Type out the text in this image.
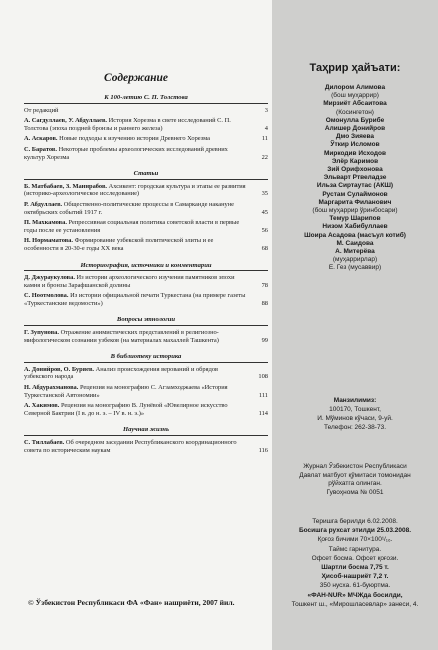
Содержание
К 100-летию С. П. Толстова
От редакций	3
А. Сагдуллаев, У. Абдуллаев. История Хорезма в свете исследований С. П. Толстова (эпоха поздней бронзы и раннего железа)	4
А. Аскаров. Новые подходы к изучению истории Древнего Хорезма	11
С. Баратов. Некоторые проблемы археологических исследований древних культур Хорезма	22
Статьи
Б. Матбабаев, З. Маннрабов. Ахсикент: городская культура и этапы ее развития (историко-археологическое исследование)	35
Р. Абдуллаев. Общественно-политические процессы в Самарканде накануне октябрьских событий 1917 г.	45
П. Махкамова. Репрессивная социальная политика советской власти в первые годы после ее установления	56
Н. Нормаматова. Формирование узбекской политической элиты и ее особенности в 20-30-е годы XX века	68
Историография, источники и комментарии
Д. Джураукулова. Из истории археологического изучения памятников эпохи камня и бронзы Зарафшанской долины	78
С. Ноотмолова. Из истории официальной печати Туркестана (на примере газеты «Туркестанские ведомости»)	88
Вопросы этнологии
Г. Зупунова. Отражение анимистических представлений в религиозно-мифологическом сознании узбеков (на материалах махаллей Ташкента)	99
В библиотеку историка
А. Донийров, О. Буряев. Анализ происхождения верований и обрядов узбекского народа	108
Н. Абдурахманова. Рецензия на монографию С. Агзамходжаева «История Туркестанской Автономии»	111
А. Хакимов. Рецензия на монографию В. Лунёвой «Ювелирное искусство Северной Бактрии (I в. до н. э. – IV в. н. э.)»	114
Научная жизнь
С. Тиллабаев. Об очередном заседании Республиканского координационного совета по историческим наукам	116
© Ўзбекистон Республикаси ФА «Фан» нашриёти, 2007 йил.
Таҳрир ҳайъати:
Дилором Алимова
(бош муҳаррир)
Мирзиёт Абсаитова
(Косингетон)
Омонулла Бурибе
Алишер Донийров
Дмо Зияева
Ўткир Исломов
Миркодив Исходов
Элёр Каримов
Зий Орифхонова
Эльварт Ртвеладзе
Ильза Сиртаутас (АКШ)
Рустам Сулаймонов
Маргарита Филанович
(бош муҳаррир ўринбосари)
Темур Шарипов
Низом Хабибуллаев
Шоира Асадова (масъул котиб)
М. Саидова
А. Митерёва
(муҳаррирлар)
Е. Гез (мусаввир)
Манзилимиз:
100170, Тошкент,
И. Мўминов кўчаси, 9-уй.
Телефон: 262-38-73.
Журнал Ўзбекистон Республикаси
Давлат матбуот қўмитаси томонидан
рўйхатга олинган.
Гувоҳнома № 0051
Теришга берилди 6.02.2008.
Босишга рухсат этилди 25.03.2008.
Қоғоз бичими 70×100¹/₁₆.
Таймс гарнитура.
Офсет босма. Офсет қоғози.
Шартли босма 7,75 т.
Ҳисоб-нашриёт 7,2 т.
350 нусха. 61-буюртма.
«ФАН-NUR» МЧЖда босилди,
Тошкент ш., «Мирошласевлар» занеси, 4.
